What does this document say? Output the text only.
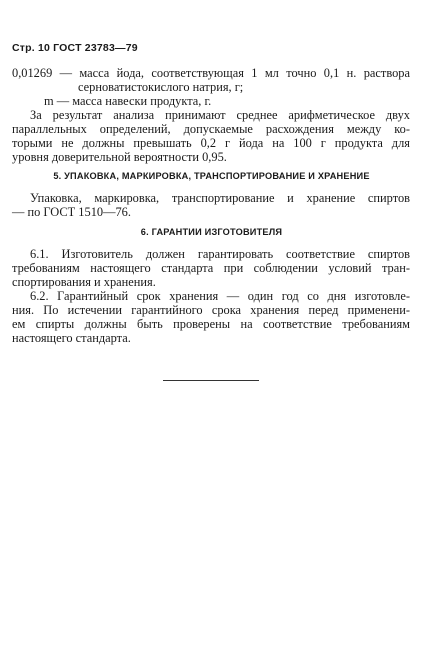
Стр. 10 ГОСТ 23783—79
0,01269 — масса йода, соответствующая 1 мл точно 0,1 н. раствора
серноватистокислого натрия, г;
m — масса навески продукта, г.
За результат анализа принимают среднее арифметическое двух
параллельных определений, допускаемые расхождения между ко-
торыми не должны превышать 0,2 г йода на 100 г продукта для
уровня доверительной вероятности 0,95.
5. УПАКОВКА, МАРКИРОВКА, ТРАНСПОРТИРОВАНИЕ И ХРАНЕНИЕ
Упаковка, маркировка, транспортирование и хранение спиртов
— по ГОСТ 1510—76.
6. ГАРАНТИИ ИЗГОТОВИТЕЛЯ
6.1. Изготовитель должен гарантировать соответствие спиртов
требованиям настоящего стандарта при соблюдении условий тран-
спортирования и хранения.
6.2. Гарантийный срок хранения — один год со дня изготовле-
ния. По истечении гарантийного срока хранения перед применени-
ем спирты должны быть проверены на соответствие требованиям
настоящего стандарта.
